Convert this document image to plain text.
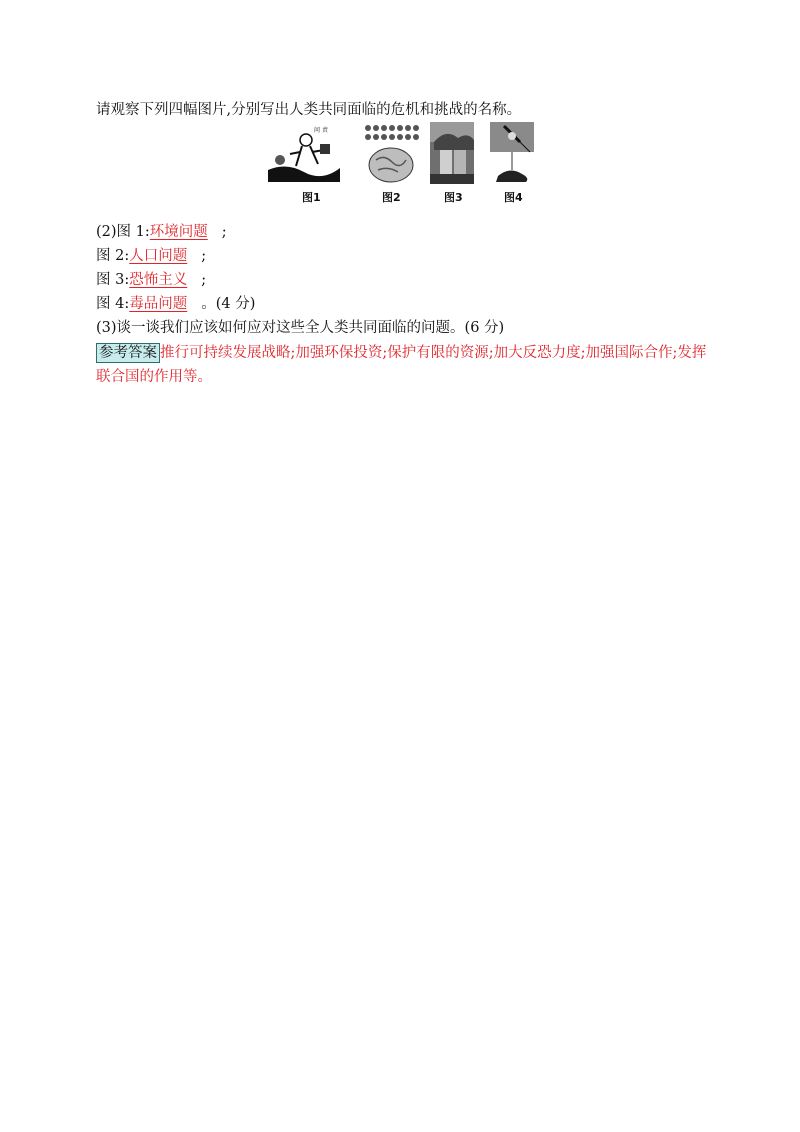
请观察下列四幅图片,分别写出人类共同面临的危机和挑战的名称。
问 责
图1	图2	图3	图4
(2)图 1:环境问题 ;
图 2:人口问题 ;
图 3:恐怖主义 ;
图 4:毒品问题 。(4 分)
(3)谈一谈我们应该如何应对这些全人类共同面临的问题。(6 分)
参考答案 推行可持续发展战略;加强环保投资;保护有限的资源;加大反恐力度;加强国际合作;发挥
联合国的作用等。
